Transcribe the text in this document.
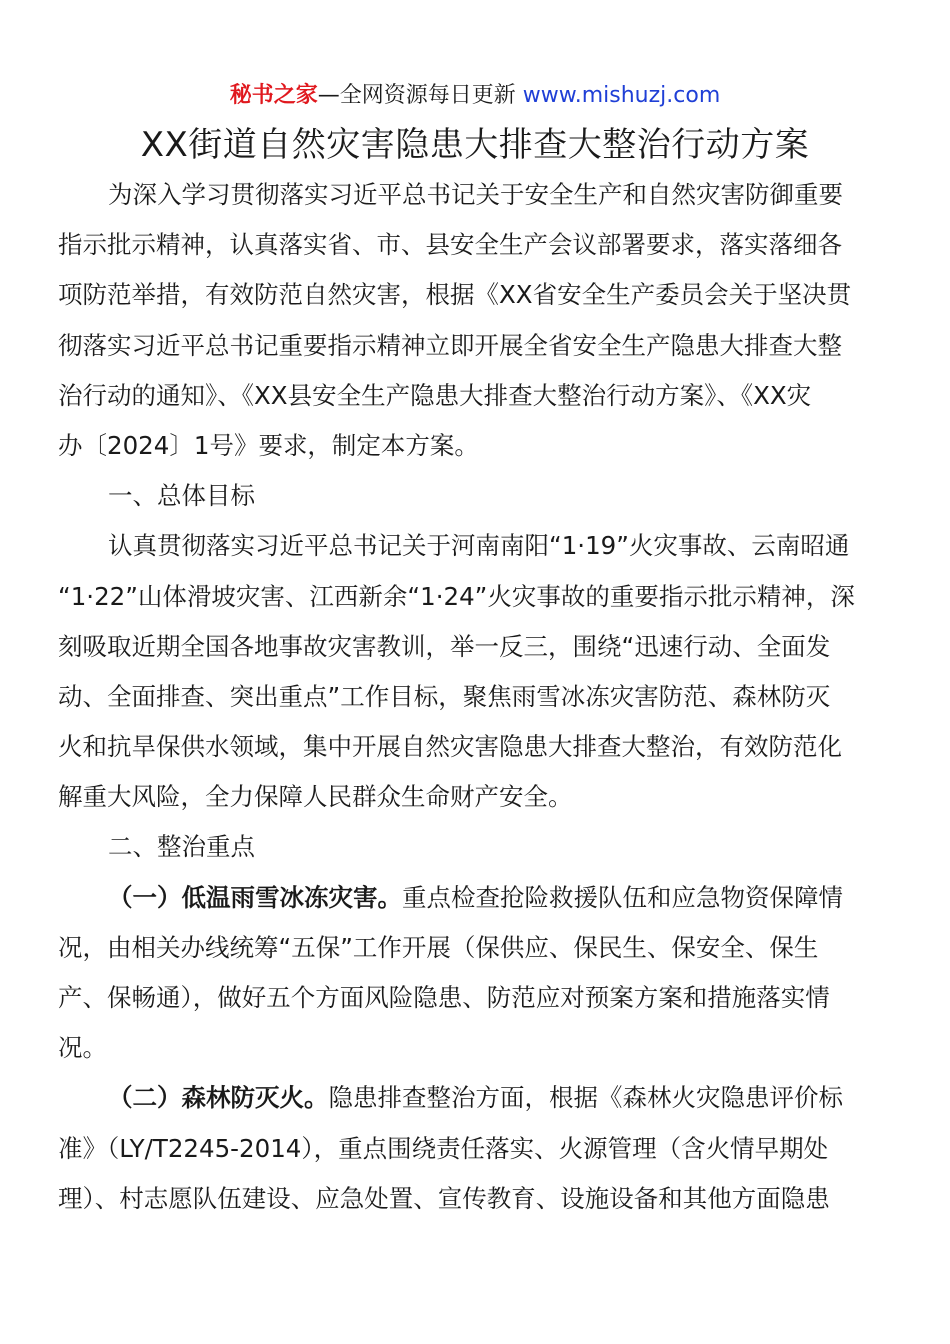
秘书之家—全网资源每日更新 www.mishuzj.com
XX街道自然灾害隐患大排查大整治行动方案
为深入学习贯彻落实习近平总书记关于安全生产和自然灾害防御重要
指示批示精神，认真落实省、市、县安全生产会议部署要求，落实落细各
项防范举措，有效防范自然灾害，根据《XX省安全生产委员会关于坚决贯
彻落实习近平总书记重要指示精神立即开展全省安全生产隐患大排查大整
治行动的通知》、《XX县安全生产隐患大排查大整治行动方案》、《XX灾
办〔2024〕1号》要求，制定本方案。
一、总体目标
认真贯彻落实习近平总书记关于河南南阳“1·19”火灾事故、云南昭通
“1·22”山体滑坡灾害、江西新余“1·24”火灾事故的重要指示批示精神，深
刻吸取近期全国各地事故灾害教训，举一反三，围绕“迅速行动、全面发
动、全面排查、突出重点”工作目标，聚焦雨雪冰冻灾害防范、森林防灭
火和抗旱保供水领域，集中开展自然灾害隐患大排查大整治，有效防范化
解重大风险，全力保障人民群众生命财产安全。
二、整治重点
（一）低温雨雪冰冻灾害。重点检查抢险救援队伍和应急物资保障情
况，由相关办线统筹“五保”工作开展（保供应、保民生、保安全、保生
产、保畅通），做好五个方面风险隐患、防范应对预案方案和措施落实情
况。
（二）森林防灭火。隐患排查整治方面，根据《森林火灾隐患评价标
准》（LY/T2245-2014），重点围绕责任落实、火源管理（含火情早期处
理）、村志愿队伍建设、应急处置、宣传教育、设施设备和其他方面隐患
